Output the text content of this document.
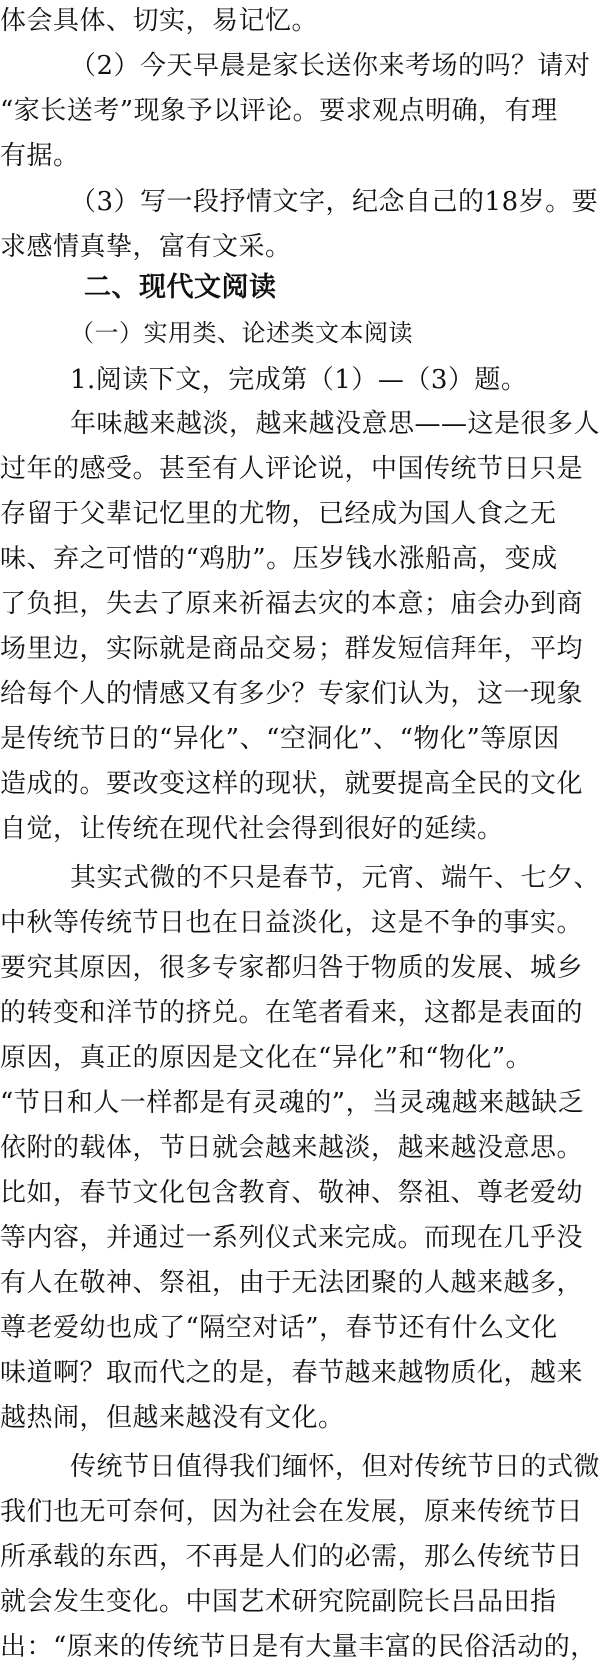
体会具体、切实，易记忆。
（2）今天早晨是家长送你来考场的吗？请对
“家长送考”现象予以评论。要求观点明确，有理
有据。
（3）写一段抒情文字，纪念自己的18岁。要
求感情真挚，富有文采。
二、现代文阅读
（一）实用类、论述类文本阅读
1.阅读下文，完成第（1）—（3）题。
年味越来越淡，越来越没意思——这是很多人
过年的感受。甚至有人评论说，中国传统节日只是
存留于父辈记忆里的尤物，已经成为国人食之无
味、弃之可惜的“鸡肋”。压岁钱水涨船高，变成
了负担，失去了原来祈福去灾的本意；庙会办到商
场里边，实际就是商品交易；群发短信拜年，平均
给每个人的情感又有多少？专家们认为，这一现象
是传统节日的“异化”、“空洞化”、“物化”等原因
造成的。要改变这样的现状，就要提高全民的文化
自觉，让传统在现代社会得到很好的延续。
其实式微的不只是春节，元宵、端午、七夕、
中秋等传统节日也在日益淡化，这是不争的事实。
要究其原因，很多专家都归咎于物质的发展、城乡
的转变和洋节的挤兑。在笔者看来，这都是表面的
原因，真正的原因是文化在“异化”和“物化”。
“节日和人一样都是有灵魂的”，当灵魂越来越缺乏
依附的载体，节日就会越来越淡，越来越没意思。
比如，春节文化包含教育、敬神、祭祖、尊老爱幼
等内容，并通过一系列仪式来完成。而现在几乎没
有人在敬神、祭祖，由于无法团聚的人越来越多，
尊老爱幼也成了“隔空对话”，春节还有什么文化
味道啊？取而代之的是，春节越来越物质化，越来
越热闹，但越来越没有文化。
传统节日值得我们缅怀，但对传统节日的式微
我们也无可奈何，因为社会在发展，原来传统节日
所承载的东西，不再是人们的必需，那么传统节日
就会发生变化。中国艺术研究院副院长吕品田指
出：“原来的传统节日是有大量丰富的民俗活动的，
